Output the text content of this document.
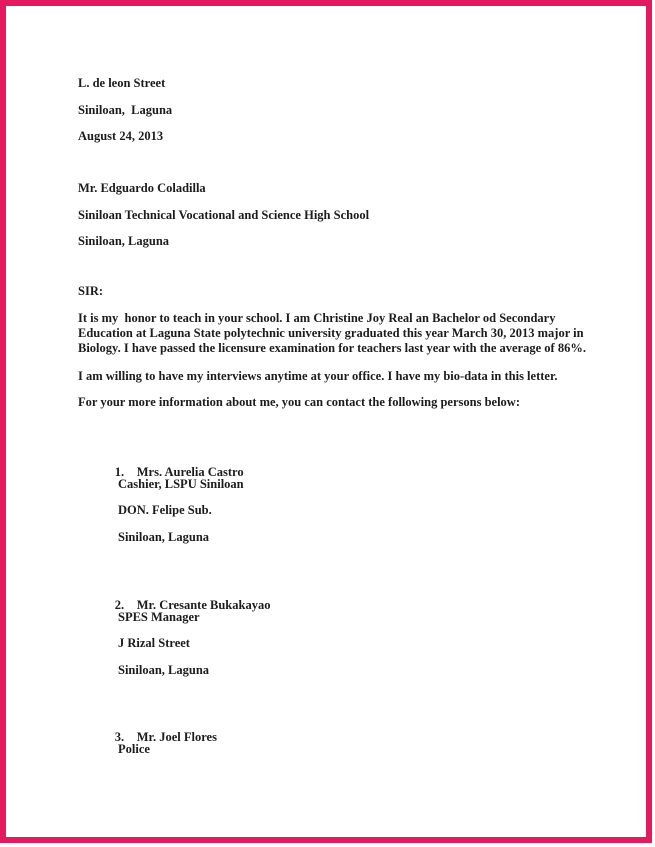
L. de leon Street
Siniloan,  Laguna
August 24, 2013
Mr. Edguardo Coladilla
Siniloan Technical Vocational and Science High School
Siniloan, Laguna
SIR:
It is my  honor to teach in your school. I am Christine Joy Real an Bachelor od Secondary Education at Laguna State polytechnic university graduated this year March 30, 2013 major in Biology. I have passed the licensure examination for teachers last year with the average of 86%.
I am willing to have my interviews anytime at your office. I have my bio-data in this letter.
For your more information about me, you can contact the following persons below:

1. Mrs. Aurelia Castro

Cashier, LSPU Siniloan
DON. Felipe Sub.
Siniloan, Laguna

2. Mr. Cresante Bukakayao

SPES Manager
J Rizal Street
Siniloan, Laguna

3. Mr. Joel Flores

Police
